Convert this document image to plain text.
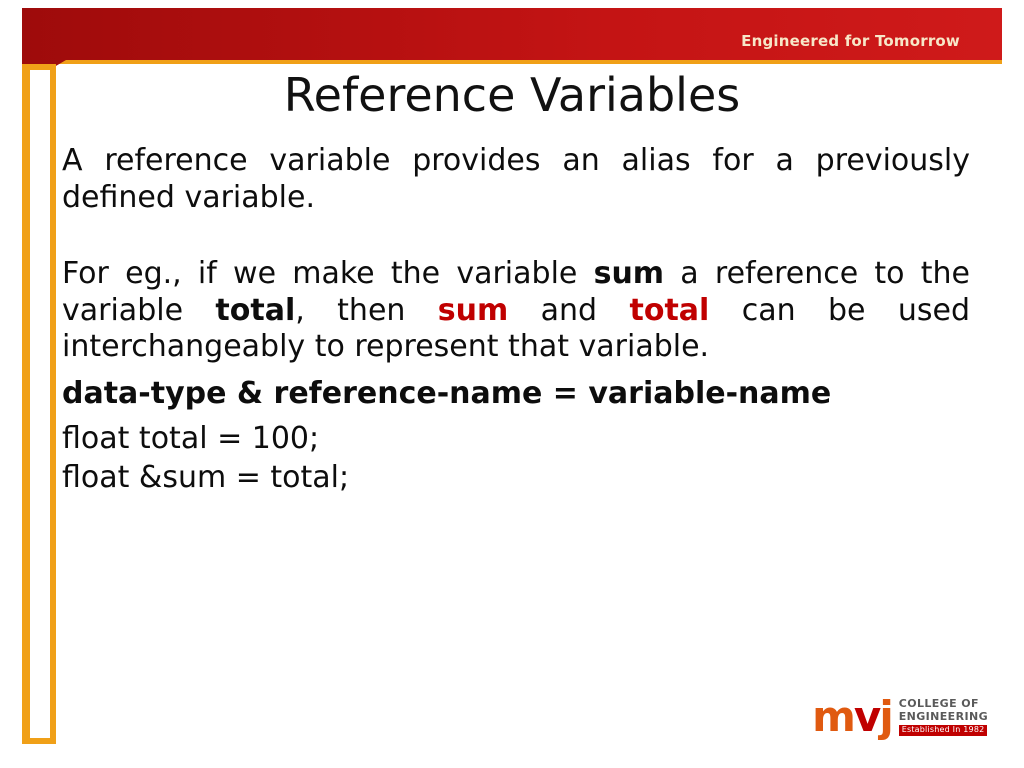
Engineered for Tomorrow
Reference Variables

A reference variable provides an alias for a previously defined variable.

For eg., if we make the variable sum a reference to the variable total, then sum and total can be used interchangeably to represent that variable.

data-type & reference-name = variable-name

float total = 100;

float &sum = total;

mvj COLLEGE OF
ENGINEERING
Established In 1982
